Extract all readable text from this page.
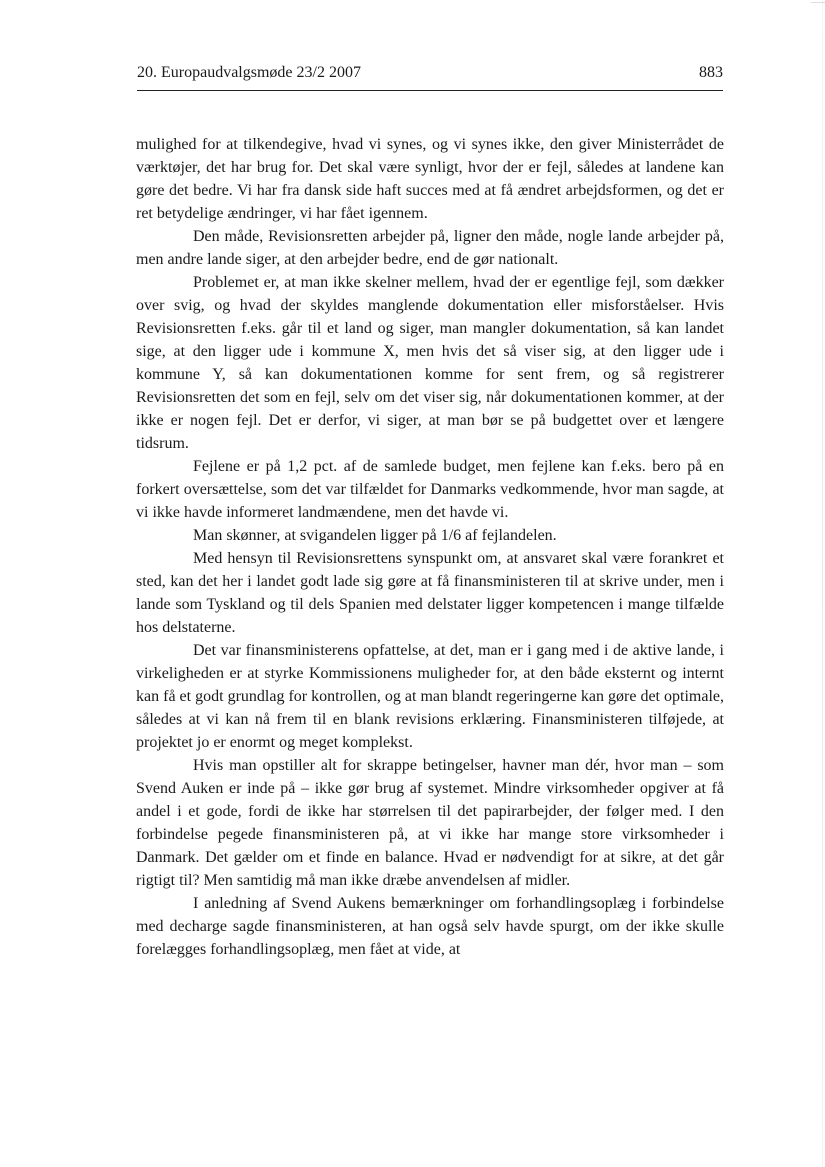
20. Europaudvalgsmøde 23/2 2007	883

mulighed for at tilkendegive, hvad vi synes, og vi synes ikke, den giver Ministerrådet de værktøjer, det har brug for. Det skal være synligt, hvor der er fejl, således at landene kan gøre det bedre. Vi har fra dansk side haft succes med at få ændret arbejdsformen, og det er ret betydelige ændringer, vi har fået igennem.

Den måde, Revisionsretten arbejder på, ligner den måde, nogle lande arbejder på, men andre lande siger, at den arbejder bedre, end de gør nationalt.

Problemet er, at man ikke skelner mellem, hvad der er egentlige fejl, som dækker over svig, og hvad der skyldes manglende dokumentation eller misforståelser. Hvis Revisionsretten f.eks. går til et land og siger, man mangler dokumentation, så kan landet sige, at den ligger ude i kommune X, men hvis det så viser sig, at den ligger ude i kommune Y, så kan dokumentationen komme for sent frem, og så registrerer Revisionsretten det som en fejl, selv om det viser sig, når dokumentationen kommer, at der ikke er nogen fejl. Det er derfor, vi siger, at man bør se på budgettet over et længere tidsrum.

Fejlene er på 1,2 pct. af de samlede budget, men fejlene kan f.eks. bero på en forkert oversættelse, som det var tilfældet for Danmarks vedkommende, hvor man sagde, at vi ikke havde informeret landmændene, men det havde vi.

Man skønner, at svigandelen ligger på 1/6 af fejlandelen.

Med hensyn til Revisionsrettens synspunkt om, at ansvaret skal være forankret et sted, kan det her i landet godt lade sig gøre at få finansministeren til at skrive under, men i lande som Tyskland og til dels Spanien med delstater ligger kompetencen i mange tilfælde hos delstaterne.

Det var finansministerens opfattelse, at det, man er i gang med i de aktive lande, i virkeligheden er at styrke Kommissionens muligheder for, at den både eksternt og internt kan få et godt grundlag for kontrollen, og at man blandt regeringerne kan gøre det optimale, således at vi kan nå frem til en blank revisions erklæring. Finansministeren tilføjede, at projektet jo er enormt og meget komplekst.

Hvis man opstiller alt for skrappe betingelser, havner man dér, hvor man – som Svend Auken er inde på – ikke gør brug af systemet. Mindre virksomheder opgiver at få andel i et gode, fordi de ikke har størrelsen til det papirarbejder, der følger med. I den forbindelse pegede finansministeren på, at vi ikke har mange store virksomheder i Danmark. Det gælder om et finde en balance. Hvad er nødvendigt for at sikre, at det går rigtigt til? Men samtidig må man ikke dræbe anvendelsen af midler.

I anledning af Svend Aukens bemærkninger om forhandlingsoplæg i forbindelse med decharge sagde finansministeren, at han også selv havde spurgt, om der ikke skulle forelægges forhandlingsoplæg, men fået at vide, at
